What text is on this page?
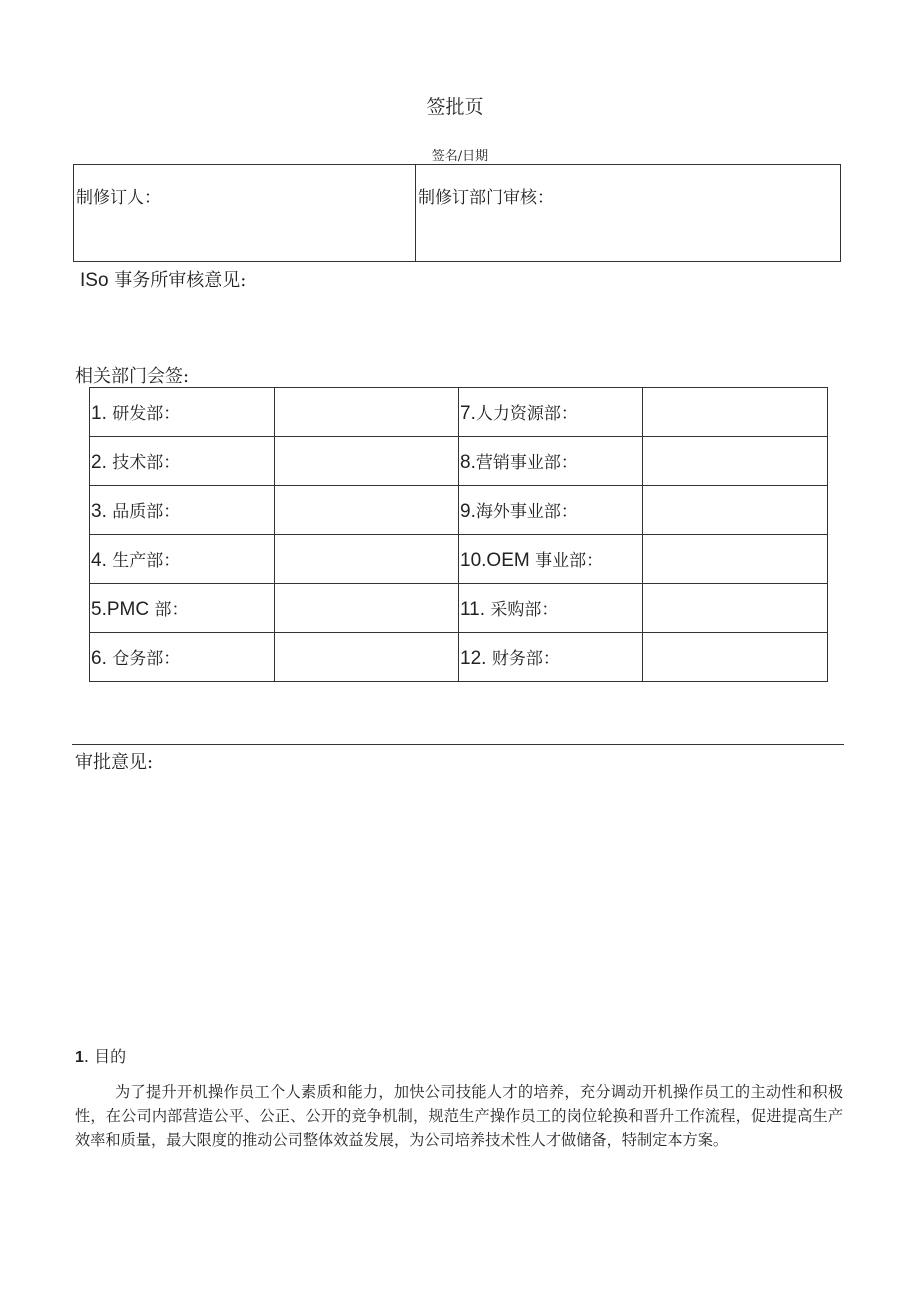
签批页
签名/日期
制修订人：	制修订部门审核：
ISo 事务所审核意见:
相关部门会签:
1. 研发部：		7.人力资源部：	
2. 技术部：		8.营销事业部：	
3. 品质部：		9.海外事业部：	
4. 生产部：		10.OEM 事业部：	
5.PMC 部：		11. 采购部：	
6. 仓务部：		12. 财务部：	
审批意见:
1. 目的

为了提升开机操作员工个人素质和能力，加快公司技能人才的培养，充分调动开机操作员工的主动性和积极性，在公司内部营造公平、公正、公开的竞争机制，规范生产操作员工的岗位轮换和晋升工作流程，促进提高生产效率和质量，最大限度的推动公司整体效益发展，为公司培养技术性人才做储备，特制定本方案。
